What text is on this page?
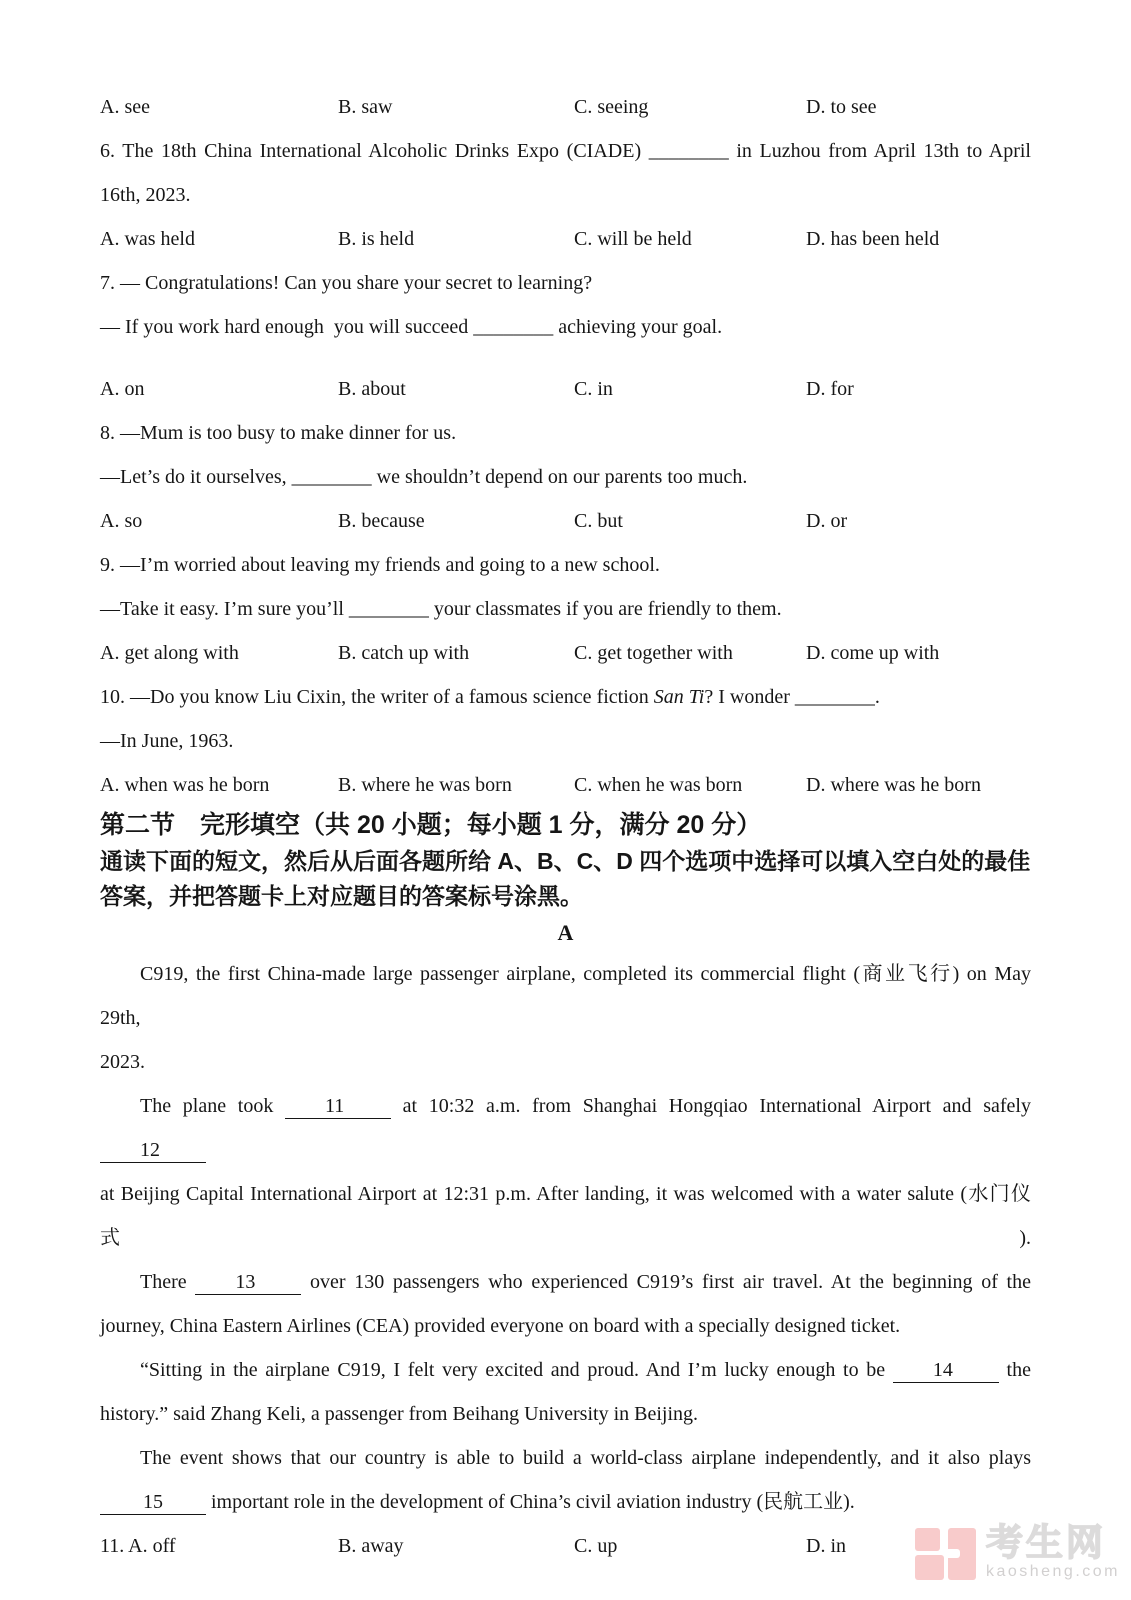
A. see	B. saw	C. seeing	D. to see
6. The 18th China International Alcoholic Drinks Expo (CIADE) ________ in Luzhou from April 13th to April
16th, 2023.
A. was held	B. is held	C. will be held	D. has been held
7. — Congratulations! Can you share your secret to learning?
— If you work hard enough  you will succeed ________ achieving your goal.
A. on	B. about	C. in	D. for
8. —Mum is too busy to make dinner for us.
—Let’s do it ourselves, ________ we shouldn’t depend on our parents too much.
A. so	B. because	C. but	D. or
9. —I’m worried about leaving my friends and going to a new school.
—Take it easy. I’m sure you’ll ________ your classmates if you are friendly to them.
A. get along with	B. catch up with	C. get together with	D. come up with
10. —Do you know Liu Cixin, the writer of a famous science fiction San Ti? I wonder ________.
—In June, 1963.
A. when was he born	B. where he was born	C. when he was born	D. where was he born
第二节　完形填空（共 20 小题；每小题 1 分，满分 20 分）
通读下面的短文，然后从后面各题所给 A、B、C、D 四个选项中选择可以填入空白处的最佳
答案，并把答题卡上对应题目的答案标号涂黑。
A
C919, the first China-made large passenger airplane, completed its commercial flight (商业飞行) on May 29th,
2023.
The plane took 11 at 10:32 a.m. from Shanghai Hongqiao International Airport and safely 12
at Beijing Capital International Airport at 12:31 p.m. After landing, it was welcomed with a water salute (水门仪式).
There 13 over 130 passengers who experienced C919’s first air travel. At the beginning of the
journey, China Eastern Airlines (CEA) provided everyone on board with a specially designed ticket.
“Sitting in the airplane C919, I felt very excited and proud. And I’m lucky enough to be 14 the
history.” said Zhang Keli, a passenger from Beihang University in Beijing.
The event shows that our country is able to build a world-class airplane independently, and it also plays
15 important role in the development of China’s civil aviation industry (民航工业).
11. A. off	B. away	C. up	D. in	考生网
kaosheng.com
